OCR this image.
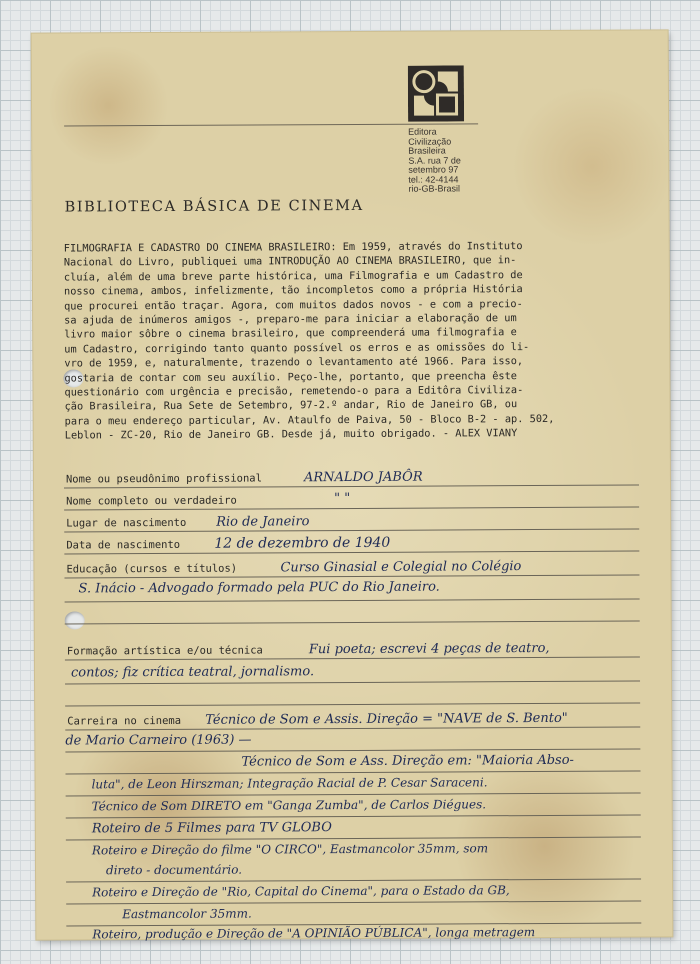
Editora
Civilização
Brasileira
S.A. rua 7 de
setembro 97
tel.: 42-4144
rio-GB-Brasil
BIBLIOTECA BÁSICA DE CINEMA
FILMOGRAFIA E CADASTRO DO CINEMA BRASILEIRO: Em 1959, através do Instituto
Nacional do Livro, publiquei uma INTRODUÇÃO AO CINEMA BRASILEIRO, que in-
cluía, além de uma breve parte histórica, uma Filmografia e um Cadastro de
nosso cinema, ambos, infelizmente, tão incompletos como a própria História
que procurei então traçar. Agora, com muitos dados novos - e com a precio-
sa ajuda de inúmeros amigos -, preparo-me para iniciar a elaboração de um
livro maior sôbre o cinema brasileiro, que compreenderá uma filmografia e
um Cadastro, corrigindo tanto quanto possível os erros e as omissões do li-
vro de 1959, e, naturalmente, trazendo o levantamento até 1966. Para isso,
gostaria de contar com seu auxílio. Peço-lhe, portanto, que preencha êste
questionário com urgência e precisão, remetendo-o para a Editôra Civiliza-
ção Brasileira, Rua Sete de Setembro, 97-2.º andar, Rio de Janeiro GB, ou
para o meu endereço particular, Av. Ataulfo de Paiva, 50 - Bloco B-2 - ap. 502,
Leblon - ZC-20, Rio de Janeiro GB. Desde já, muito obrigado. - ALEX VIANY
Nome ou pseudônimo profissional	ARNALDO JABÔR
Nome completo ou verdadeiro	" "
Lugar de nascimento Rio de Janeiro
Data de nascimento 12 de dezembro de 1940
Educação (cursos e títulos)	Curso Ginasial e Colegial no Colégio
S. Inácio - Advogado formado pela PUC do Rio Janeiro.
Formação artística e/ou técnica	Fui poeta; escrevi 4 peças de teatro,
contos; fiz crítica teatral, jornalismo.
Carreira no cinema Técnico de Som e Assis. Direção = "NAVE de S. Bento"
de Mario Carneiro (1963) —
Técnico de Som e Ass. Direção em: "Maioria Abso-
luta", de Leon Hirszman; Integração Racial de P. Cesar Saraceni.
Técnico de Som DIRETO em "Ganga Zumba", de Carlos Diégues.
Roteiro de 5 Filmes para TV GLOBO
Roteiro e Direção do filme "O CIRCO", Eastmancolor 35mm, som
direto - documentário.
Roteiro e Direção de "Rio, Capital do Cinema", para o Estado da GB,
Eastmancolor 35mm.
Roteiro, produção e Direção de "A OPINIÃO PÚBLICA", longa metragem
